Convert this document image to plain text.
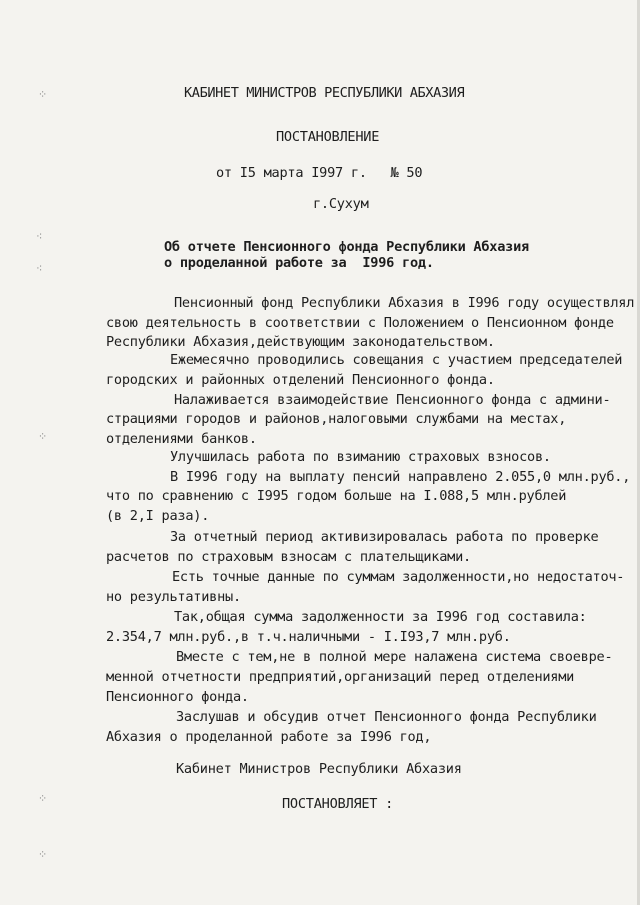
⁘
⁖
⁖
⁘
⁘
⁘
КАБИНЕТ МИНИСТРОВ РЕСПУБЛИКИ АБХАЗИЯ
ПОСТАНОВЛЕНИЕ
от I5 марта I997 г.   № 50
г.Сухум
Об отчете Пенсионного фонда Республики Абхазия
о проделанной работе за  I996 год.
Пенсионный фонд Республики Абхазия в I996 году осуществлял
свою деятельность в соответствии с Положением о Пенсионном фонде
Республики Абхазия,действующим законодательством.
Ежемесячно проводились совещания с участием председателей
городских и районных отделений Пенсионного фонда.
Налаживается взаимодействие Пенсионного фонда с админи-
страциями городов и районов,налоговыми службами на местах,
отделениями банков.
Улучшилась работа по взиманию страховых взносов.
В I996 году на выплату пенсий направлено 2.055,0 млн.руб.,
что по сравнению с I995 годом больше на I.088,5 млн.рублей
(в 2,I раза).
За отчетный период активизировалась работа по проверке
расчетов по страховым взносам с плательщиками.
Есть точные данные по суммам задолженности,но недостаточ-
но результативны.
Так,общая сумма задолженности за I996 год составила:
2.354,7 млн.руб.,в т.ч.наличными - I.I93,7 млн.руб.
Вместе с тем,не в полной мере налажена система своевре-
менной отчетности предприятий,организаций перед отделениями
Пенсионного фонда.
Заслушав и обсудив отчет Пенсионного фонда Республики
Абхазия о проделанной работе за I996 год,
Кабинет Министров Республики Абхазия
ПОСТАНОВЛЯЕТ :
